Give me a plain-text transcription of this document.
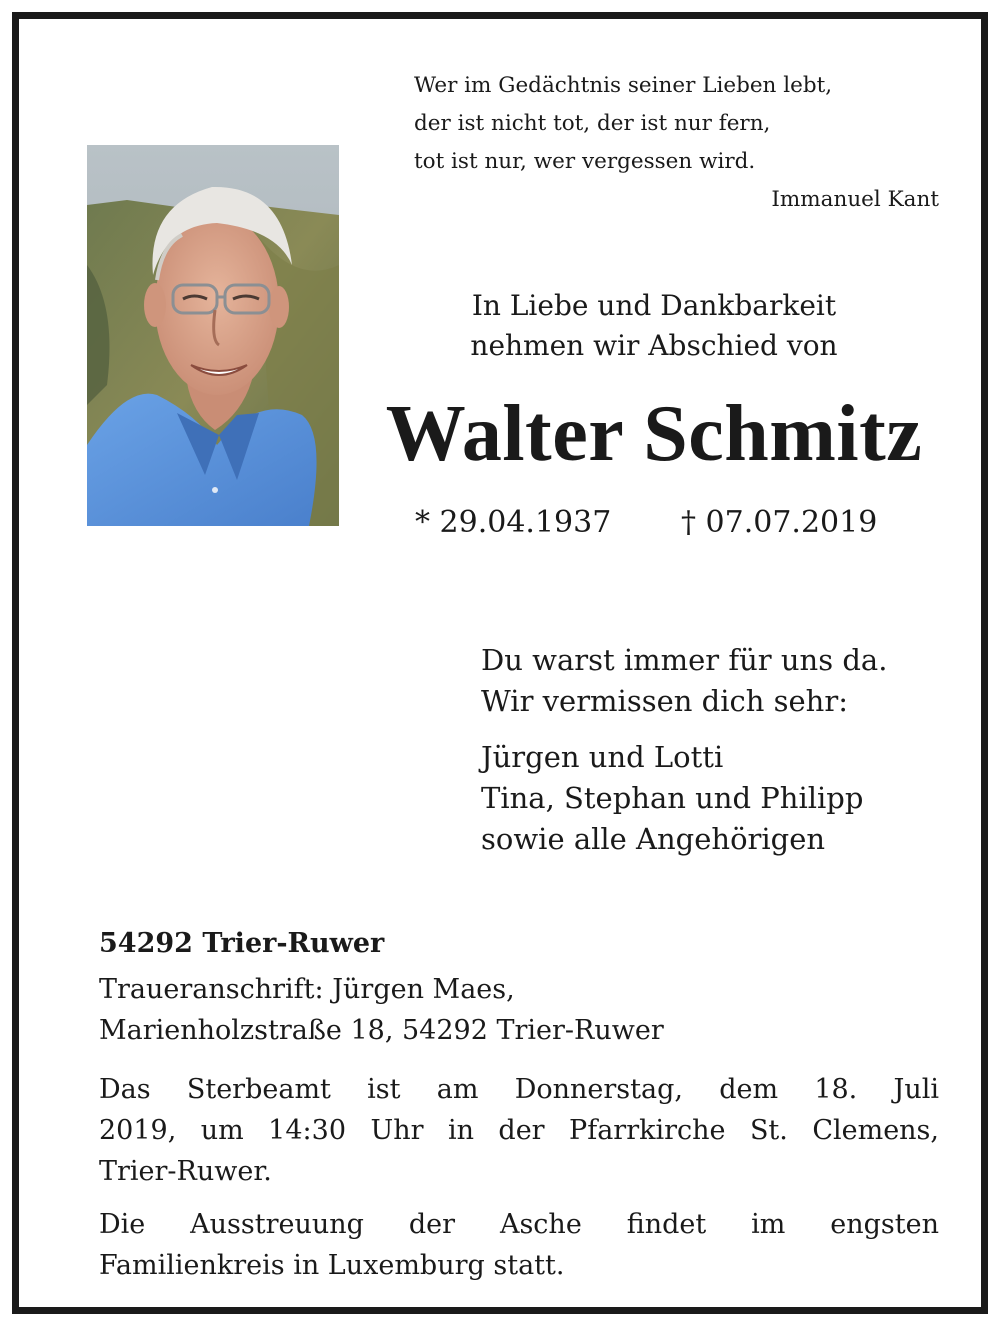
Wer im Gedächtnis seiner Lieben lebt,
der ist nicht tot, der ist nur fern,
tot ist nur, wer vergessen wird.
Immanuel Kant
In Liebe und Dankbarkeit
nehmen wir Abschied von
Walter Schmitz
* 29.04.1937 † 07.07.2019
Du warst immer für uns da.
Wir vermissen dich sehr:
Jürgen und Lotti
Tina, Stephan und Philipp
sowie alle Angehörigen
54292 Trier-Ruwer
Traueranschrift: Jürgen Maes,
Marienholzstraße 18, 54292 Trier-Ruwer
Das Sterbeamt ist am Donnerstag, dem 18. Juli
2019, um 14:30 Uhr in der Pfarrkirche St. Clemens,
Trier-Ruwer.
Die Ausstreuung der Asche findet im engsten
Familienkreis in Luxemburg statt.
